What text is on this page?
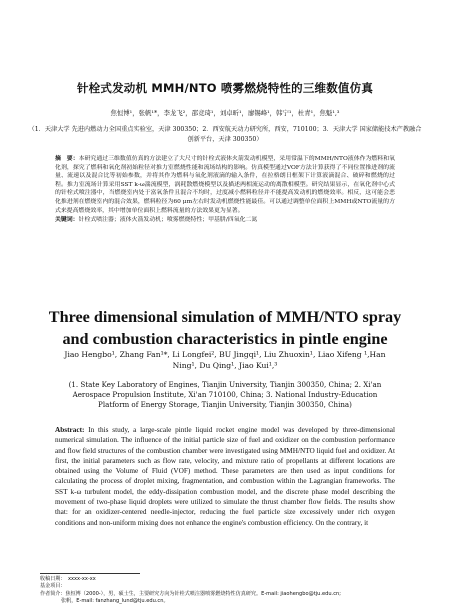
针栓式发动机 MMH/NTO 喷雾燃烧特性的三维数值仿真
焦恒博¹，张帆¹*，李龙飞²，邵竞琦¹，刘卓昕¹，廖锡峰¹，韩宁¹，杜青¹，焦魁¹,³
（1．天津大学 先进内燃动力全国重点实验室，天津 300350；2．西安航天动力研究所，西安，710100；3．天津大学 国家储能技术产教融合创新平台，天津 300350）
摘　要：本研究通过三维数值仿真的方法建立了大尺寸的针栓式液体火箭发动机模型，采用常温下的MMH/NTO液体作为燃料和氧化剂，探究了燃料和氧化剂初始粒径对推力室燃烧性能和流场结构的影响。仿真模型通过VOF方法计算获得了不同位置推进剂的流量、流速以及混合比等初始参数，并将其作为燃料与氧化剂液滴的输入条件，在拉格朗日框架下计算液滴混合、破碎和燃烧的过程。推力室流场计算采用SST k-ω湍流模型，涡耗散燃烧模型以及描述两相流运动的离散相模型。研究结果显示，在氧化剂中心式的针栓式喷注器中，当燃烧室内处于富氧条件且混合不均时，过度减小燃料粒径并不能提高发动机的燃烧效率。相反，这可能会恶化推进剂在燃烧室内的混合效果，燃料粒径为60 μm左右时发动机燃烧性能最佳。可以通过调整单位面积上MMH或NTO流量的方式来提高燃烧效率，其中增加单位面积上燃料流量的方法效果更为显著。
关键词：针栓式喷注器；液体火箭发动机；喷雾燃烧特性；甲基肼/四氧化二氮
Three dimensional simulation of MMH/NTO spray and combustion characteristics in pintle engine
Jiao Hengbo¹, Zhang Fan¹*, Li Longfei², BU Jingqi¹, Liu Zhuoxin¹, Liao Xifeng ¹,Han Ning¹, Du Qing¹, Jiao Kui¹,³
(1. State Key Laboratory of Engines, Tianjin University, Tianjin 300350, China; 2. Xi'an Aerospace Propulsion Institute, Xi'an 710100, China; 3. National Industry-Education Platform of Energy Storage, Tianjin University, Tianjin 300350, China)
Abstract: In this study, a large-scale pintle liquid rocket engine model was developed by three-dimensional numerical simulation. The influence of the initial particle size of fuel and oxidizer on the combustion performance and flow field structures of the combustion chamber were investigated using MMH/NTO liquid fuel and oxidizer. At first, the initial parameters such as flow rate, velocity, and mixture ratio of propellants at different locations are obtained using the Volume of Fluid (VOF) method. These parameters are then used as input conditions for calculating the process of droplet mixing, fragmentation, and combustion within the Lagrangian frameworks. The SST k-ω turbulent model, the eddy-dissipation combustion model, and the discrete phase model describing the movement of two-phase liquid droplets were utilized to simulate the thrust chamber flow fields. The results show that: for an oxidizer-centered needle-injector, reducing the fuel particle size excessively under rich oxygen conditions and non-uniform mixing does not enhance the engine's combustion efficiency. On the contrary, it
收稿日期：　xxxx-xx-xx
基金项目：
作者简介：焦恒博（2000-），男，硕士生，主要研究方向为针栓式喷注器喷雾燃烧特性仿真研究。E-mail: jiaohengbo@tju.edu.cn;
张帆，E-mail: fanzhang_lund@tju.edu.cn。
